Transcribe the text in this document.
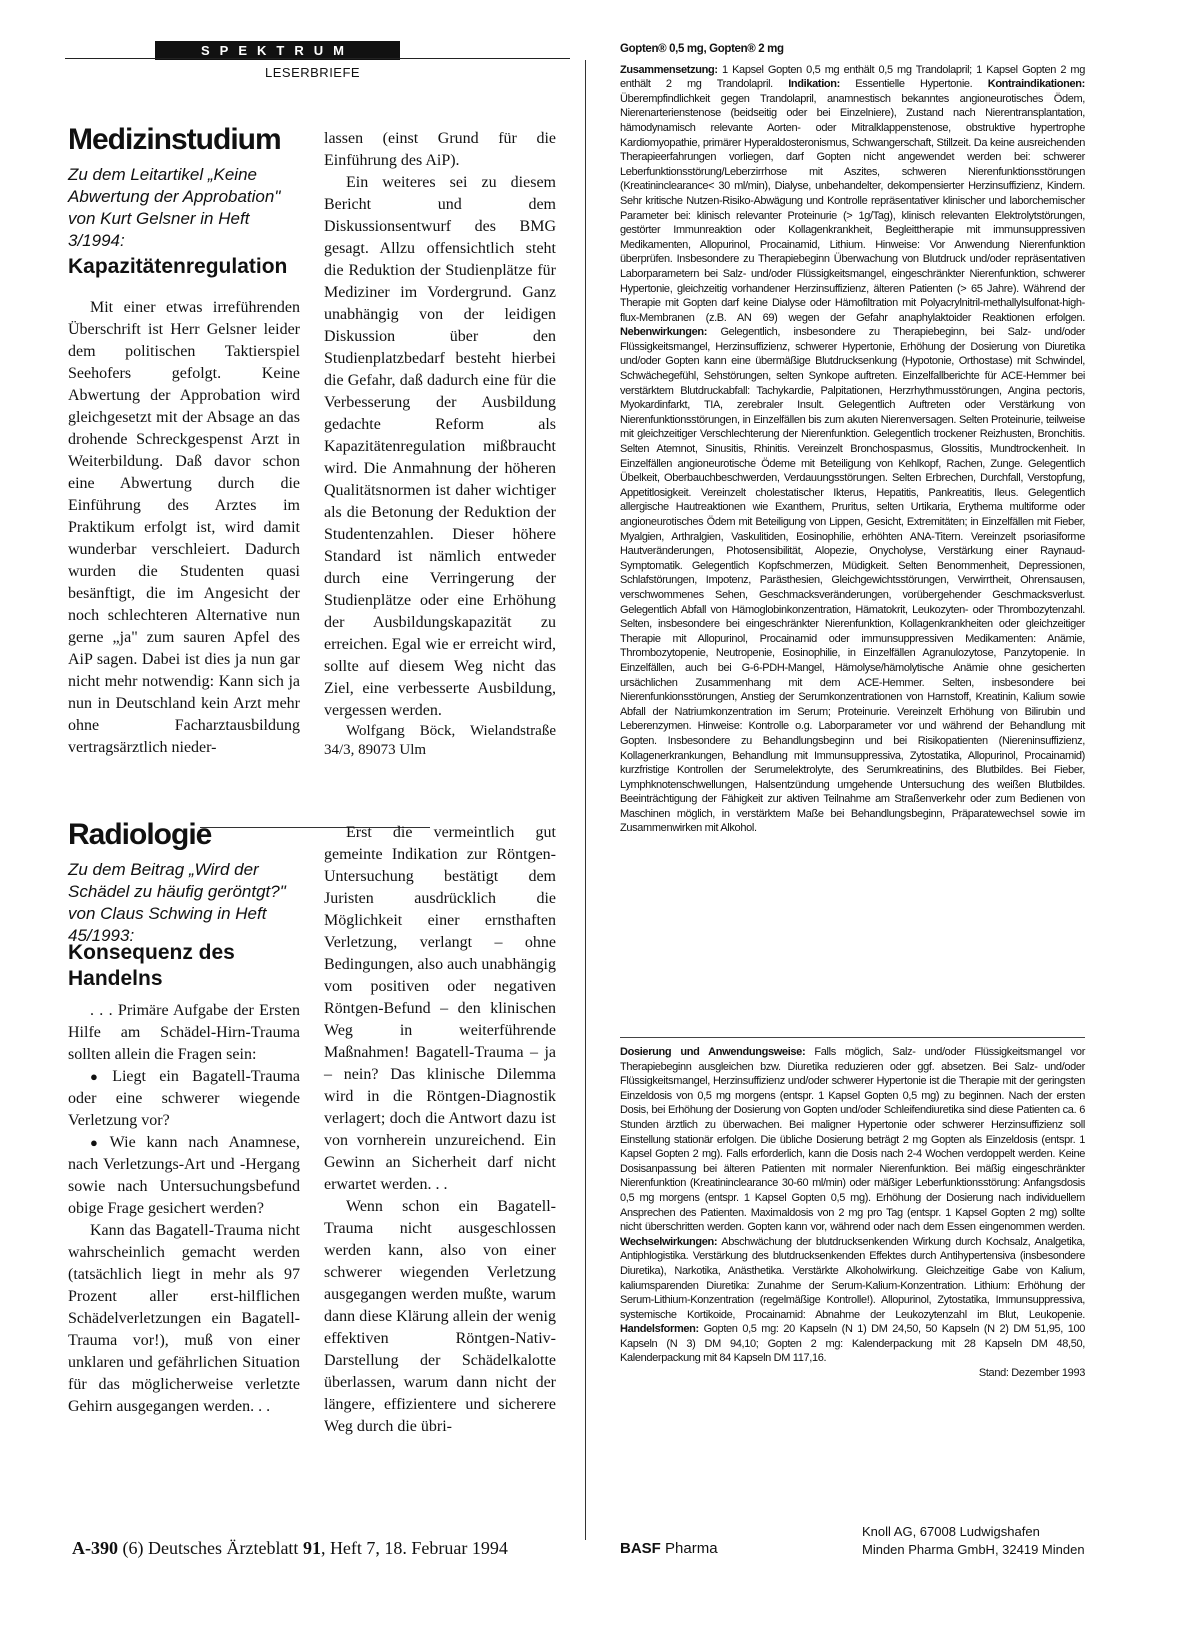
SPEKTRUM
LESERBRIEFE
Medizinstudium
Zu dem Leitartikel „Keine Abwertung der Approbation" von Kurt Gelsner in Heft 3/1994:
Kapazitätenregulation

Mit einer etwas irreführenden Überschrift ist Herr Gelsner leider dem politischen Taktierspiel Seehofers gefolgt. Keine Abwertung der Approbation wird gleichgesetzt mit der Absage an das drohende Schreckgespenst Arzt in Weiterbildung. Daß davor schon eine Abwertung durch die Einführung des Arztes im Praktikum erfolgt ist, wird damit wunderbar verschleiert. Dadurch wurden die Studenten quasi besänftigt, die im Angesicht der noch schlechteren Alternative nun gerne „ja" zum sauren Apfel des AiP sagen. Dabei ist dies ja nun gar nicht mehr notwendig: Kann sich ja nun in Deutschland kein Arzt mehr ohne Facharztausbildung vertragsärztlich nieder-

lassen (einst Grund für die Einführung des AiP).

Ein weiteres sei zu diesem Bericht und dem Diskussionsentwurf des BMG gesagt. Allzu offensichtlich steht die Reduktion der Studienplätze für Mediziner im Vordergrund. Ganz unabhängig von der leidigen Diskussion über den Studienplatzbedarf besteht hierbei die Gefahr, daß dadurch eine für die Verbesserung der Ausbildung gedachte Reform als Kapazitätenregulation mißbraucht wird. Die Anmahnung der höheren Qualitätsnormen ist daher wichtiger als die Betonung der Reduktion der Studentenzahlen. Dieser höhere Standard ist nämlich entweder durch eine Verringerung der Studienplätze oder eine Erhöhung der Ausbildungskapazität zu erreichen. Egal wie er erreicht wird, sollte auf diesem Weg nicht das Ziel, eine verbesserte Ausbildung, vergessen werden.

Wolfgang Böck, Wielandstraße 34/3, 89073 Ulm

Radiologie
Zu dem Beitrag „Wird der Schädel zu häufig geröntgt?" von Claus Schwing in Heft 45/1993:
Konsequenz des Handelns

. . . Primäre Aufgabe der Ersten Hilfe am Schädel-Hirn-Trauma sollten allein die Fragen sein:

● Liegt ein Bagatell-Trauma oder eine schwerer wiegende Verletzung vor?

● Wie kann nach Anamnese, nach Verletzungs-Art und -Hergang sowie nach Untersuchungsbefund obige Frage gesichert werden?

Kann das Bagatell-Trauma nicht wahrscheinlich gemacht werden (tatsächlich liegt in mehr als 97 Prozent aller erst-hilflichen Schädelverletzungen ein Bagatell-Trauma vor!), muß von einer unklaren und gefährlichen Situation für das möglicherweise verletzte Gehirn ausgegangen werden. . .

Erst die vermeintlich gut gemeinte Indikation zur Röntgen-Untersuchung bestätigt dem Juristen ausdrücklich die Möglichkeit einer ernsthaften Verletzung, verlangt – ohne Bedingungen, also auch unabhängig vom positiven oder negativen Röntgen-Befund – den klinischen Weg in weiterführende Maßnahmen! Bagatell-Trauma – ja – nein? Das klinische Dilemma wird in die Röntgen-Diagnostik verlagert; doch die Antwort dazu ist von vornherein unzureichend. Ein Gewinn an Sicherheit darf nicht erwartet werden. . .

Wenn schon ein Bagatell-Trauma nicht ausgeschlossen werden kann, also von einer schwerer wiegenden Verletzung ausgegangen werden mußte, warum dann diese Klärung allein der wenig effektiven Röntgen-Nativ-Darstellung der Schädelkalotte überlassen, warum dann nicht der längere, effizientere und sicherere Weg durch die übri-

Gopten® 0,5 mg, Gopten® 2 mg

Zusammensetzung: 1 Kapsel Gopten 0,5 mg enthält 0,5 mg Trandolapril; 1 Kapsel Gopten 2 mg enthält 2 mg Trandolapril. Indikation: Essentielle Hypertonie. Kontraindikationen: Überempfindlichkeit gegen Trandolapril, anamnestisch bekanntes angioneurotisches Ödem, Nierenarterienstenose (beidseitig oder bei Einzelniere), Zustand nach Nierentransplantation, hämodynamisch relevante Aorten- oder Mitralklappenstenose, obstruktive hypertrophe Kardiomyopathie, primärer Hyperaldosteronismus, Schwangerschaft, Stillzeit. Da keine ausreichenden Therapieerfahrungen vorliegen, darf Gopten nicht angewendet werden bei: schwerer Leberfunktionsstörung/Leberzirrhose mit Aszites, schweren Nierenfunktionsstörungen (Kreatininclearance< 30 ml/min), Dialyse, unbehandelter, dekompensierter Herzinsuffizienz, Kindern. Sehr kritische Nutzen-Risiko-Abwägung und Kontrolle repräsentativer klinischer und laborchemischer Parameter bei: klinisch relevanter Proteinurie (> 1g/Tag), klinisch relevanten Elektrolytstörungen, gestörter Immunreaktion oder Kollagenkrankheit, Begleittherapie mit immunsuppressiven Medikamenten, Allopurinol, Procainamid, Lithium. Hinweise: Vor Anwendung Nierenfunktion überprüfen. Insbesondere zu Therapiebeginn Überwachung von Blutdruck und/oder repräsentativen Laborparametern bei Salz- und/oder Flüssigkeitsmangel, eingeschränkter Nierenfunktion, schwerer Hypertonie, gleichzeitig vorhandener Herzinsuffizienz, älteren Patienten (> 65 Jahre). Während der Therapie mit Gopten darf keine Dialyse oder Hämofiltration mit Polyacrylnitril-methallylsulfonat-high-flux-Membranen (z.B. AN 69) wegen der Gefahr anaphylaktoider Reaktionen erfolgen. Nebenwirkungen: Gelegentlich, insbesondere zu Therapiebeginn, bei Salz- und/oder Flüssigkeitsmangel, Herzinsuffizienz, schwerer Hypertonie, Erhöhung der Dosierung von Diuretika und/oder Gopten kann eine übermäßige Blutdrucksenkung (Hypotonie, Orthostase) mit Schwindel, Schwächegefühl, Sehstörungen, selten Synkope auftreten. Einzelfallberichte für ACE-Hemmer bei verstärktem Blutdruckabfall: Tachykardie, Palpitationen, Herzrhythmusstörungen, Angina pectoris, Myokardinfarkt, TIA, zerebraler Insult. Gelegentlich Auftreten oder Verstärkung von Nierenfunktionsstörungen, in Einzelfällen bis zum akuten Nierenversagen. Selten Proteinurie, teilweise mit gleichzeitiger Verschlechterung der Nierenfunktion. Gelegentlich trockener Reizhusten, Bronchitis. Selten Atemnot, Sinusitis, Rhinitis. Vereinzelt Bronchospasmus, Glossitis, Mundtrockenheit. In Einzelfällen angioneurotische Ödeme mit Beteiligung von Kehlkopf, Rachen, Zunge. Gelegentlich Übelkeit, Oberbauchbeschwerden, Verdauungsstörungen. Selten Erbrechen, Durchfall, Verstopfung, Appetitlosigkeit. Vereinzelt cholestatischer Ikterus, Hepatitis, Pankreatitis, Ileus. Gelegentlich allergische Hautreaktionen wie Exanthem, Pruritus, selten Urtikaria, Erythema multiforme oder angioneurotisches Ödem mit Beteiligung von Lippen, Gesicht, Extremitäten; in Einzelfällen mit Fieber, Myalgien, Arthralgien, Vaskulitiden, Eosinophilie, erhöhten ANA-Titern. Vereinzelt psoriasiforme Hautveränderungen, Photosensibilität, Alopezie, Onycholyse, Verstärkung einer Raynaud-Symptomatik. Gelegentlich Kopfschmerzen, Müdigkeit. Selten Benommenheit, Depressionen, Schlafstörungen, Impotenz, Parästhesien, Gleichgewichtsstörungen, Verwirrtheit, Ohrensausen, verschwommenes Sehen, Geschmacksveränderungen, vorübergehender Geschmacksverlust. Gelegentlich Abfall von Hämoglobinkonzentration, Hämatokrit, Leukozyten- oder Thrombozytenzahl. Selten, insbesondere bei eingeschränkter Nierenfunktion, Kollagenkrankheiten oder gleichzeitiger Therapie mit Allopurinol, Procainamid oder immunsuppressiven Medikamenten: Anämie, Thrombozytopenie, Neutropenie, Eosinophilie, in Einzelfällen Agranulozytose, Panzytopenie. In Einzelfällen, auch bei G-6-PDH-Mangel, Hämolyse/hämolytische Anämie ohne gesicherten ursächlichen Zusammenhang mit dem ACE-Hemmer. Selten, insbesondere bei Nierenfunkionsstörungen, Anstieg der Serumkonzentrationen von Harnstoff, Kreatinin, Kalium sowie Abfall der Natriumkonzentration im Serum; Proteinurie. Vereinzelt Erhöhung von Bilirubin und Leberenzymen. Hinweise: Kontrolle o.g. Laborparameter vor und während der Behandlung mit Gopten. Insbesondere zu Behandlungsbeginn und bei Risikopatienten (Niereninsuffizienz, Kollagenerkrankungen, Behandlung mit Immunsuppressiva, Zytostatika, Allopurinol, Procainamid) kurzfristige Kontrollen der Serumelektrolyte, des Serumkreatinins, des Blutbildes. Bei Fieber, Lymphknotenschwellungen, Halsentzündung umgehende Untersuchung des weißen Blutbildes. Beeinträchtigung der Fähigkeit zur aktiven Teilnahme am Straßenverkehr oder zum Bedienen von Maschinen möglich, in verstärktem Maße bei Behandlungsbeginn, Präparatewechsel sowie im Zusammenwirken mit Alkohol.

Dosierung und Anwendungsweise: Falls möglich, Salz- und/oder Flüssigkeitsmangel vor Therapiebeginn ausgleichen bzw. Diuretika reduzieren oder ggf. absetzen. Bei Salz- und/oder Flüssigkeitsmangel, Herzinsuffizienz und/oder schwerer Hypertonie ist die Therapie mit der geringsten Einzeldosis von 0,5 mg morgens (entspr. 1 Kapsel Gopten 0,5 mg) zu beginnen. Nach der ersten Dosis, bei Erhöhung der Dosierung von Gopten und/oder Schleifendiuretika sind diese Patienten ca. 6 Stunden ärztlich zu überwachen. Bei maligner Hypertonie oder schwerer Herzinsuffizienz soll Einstellung stationär erfolgen. Die übliche Dosierung beträgt 2 mg Gopten als Einzeldosis (entspr. 1 Kapsel Gopten 2 mg). Falls erforderlich, kann die Dosis nach 2-4 Wochen verdoppelt werden. Keine Dosisanpassung bei älteren Patienten mit normaler Nierenfunktion. Bei mäßig eingeschränkter Nierenfunktion (Kreatininclearance 30-60 ml/min) oder mäßiger Leberfunktionsstörung: Anfangsdosis 0,5 mg morgens (entspr. 1 Kapsel Gopten 0,5 mg). Erhöhung der Dosierung nach individuellem Ansprechen des Patienten. Maximaldosis von 2 mg pro Tag (entspr. 1 Kapsel Gopten 2 mg) sollte nicht überschritten werden. Gopten kann vor, während oder nach dem Essen eingenommen werden. Wechselwirkungen: Abschwächung der blutdrucksenkenden Wirkung durch Kochsalz, Analgetika, Antiphlogistika. Verstärkung des blutdrucksenkenden Effektes durch Antihypertensiva (insbesondere Diuretika), Narkotika, Anästhetika. Verstärkte Alkoholwirkung. Gleichzeitige Gabe von Kalium, kaliumsparenden Diuretika: Zunahme der Serum-Kalium-Konzentration. Lithium: Erhöhung der Serum-Lithium-Konzentration (regelmäßige Kontrolle!). Allopurinol, Zytostatika, Immunsuppressiva, systemische Kortikoide, Procainamid: Abnahme der Leukozytenzahl im Blut, Leukopenie. Handelsformen: Gopten 0,5 mg: 20 Kapseln (N 1) DM 24,50, 50 Kapseln (N 2) DM 51,95, 100 Kapseln (N 3) DM 94,10; Gopten 2 mg: Kalenderpackung mit 28 Kapseln DM 48,50, Kalenderpackung mit 84 Kapseln DM 117,16.

Stand: Dezember 1993

A-390 (6) Deutsches Ärzteblatt 91, Heft 7, 18. Februar 1994	BASF Pharma
Knoll AG, 67008 Ludwigshafen
Minden Pharma GmbH, 32419 Minden
